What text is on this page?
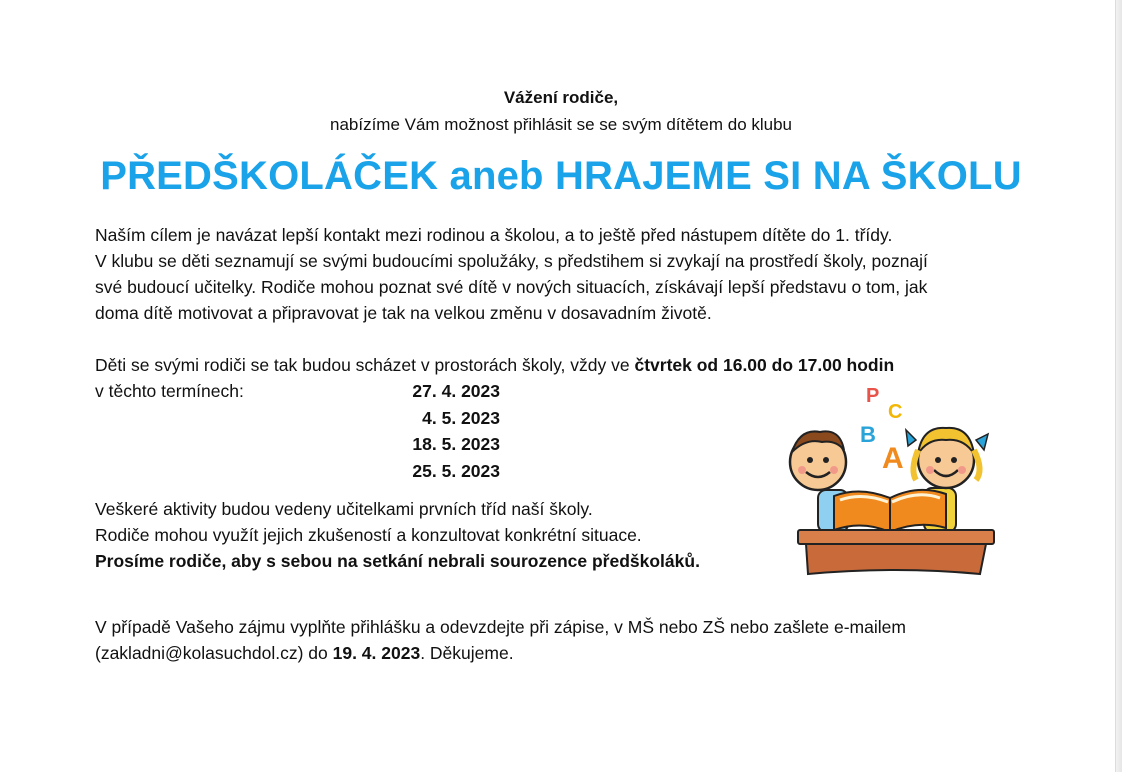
Vážení rodiče,
nabízíme Vám možnost přihlásit se se svým dítětem do klubu
PŘEDŠKOLÁČEK aneb HRAJEME SI NA ŠKOLU

Naším cílem je navázat lepší kontakt mezi rodinou a školou, a to ještě před nástupem dítěte do 1. třídy.

V klubu se děti seznamují se svými budoucími spolužáky, s předstihem si zvykají na prostředí školy, poznají

své budoucí učitelky. Rodiče mohou poznat své dítě v nových situacích, získávají lepší představu o tom, jak

doma dítě motivovat a připravovat je tak na velkou změnu v dosavadním životě.

Děti se svými rodiči se tak budou scházet v prostorách školy, vždy ve čtvrtek od 16.00 do 17.00 hodin

v těchto termínech:	27. 4. 2023
4. 5. 2023
18. 5. 2023
25. 5. 2023

Veškeré aktivity budou vedeny učitelkami prvních tříd naší školy.

Rodiče mohou využít jejich zkušeností a konzultovat konkrétní situace.

Prosíme rodiče, aby s sebou na setkání nebrali sourozence předškoláků.

V případě Vašeho zájmu vyplňte přihlášku a odevzdejte při zápise, v MŠ nebo ZŠ nebo zašlete e-mailem

(zakladni@kolasuchdol.cz) do 19. 4. 2023. Děkujeme.

P
C
B
A
